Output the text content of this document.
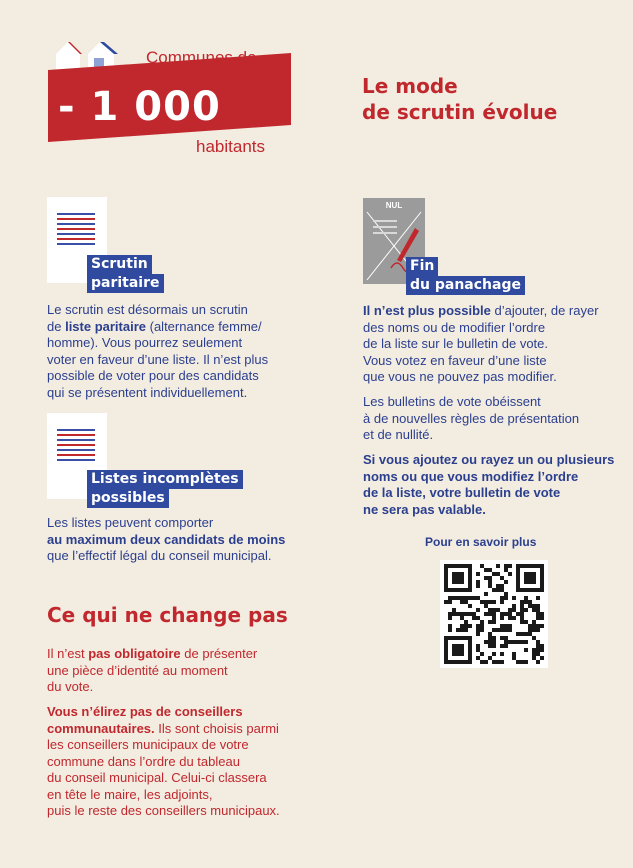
- 1 000
Communes de
habitants
Le mode
de scrutin évolue
Scrutin
paritaire
Le scrutin est désormais un scrutin
de liste paritaire (alternance femme/
homme). Vous pourrez seulement
voter en faveur d’une liste. Il n’est plus
possible de voter pour des candidats
qui se présentent individuellement.
Listes incomplètes
possibles
Les listes peuvent comporter
au maximum deux candidats de moins
que l’effectif légal du conseil municipal.
Ce qui ne change pas
Il n’est pas obligatoire de présenter
une pièce d’identité au moment
du vote.
Vous n’élirez pas de conseillers
communautaires. Ils sont choisis parmi
les conseillers municipaux de votre
commune dans l’ordre du tableau
du conseil municipal. Celui-ci classera
en tête le maire, les adjoints,
puis le reste des conseillers municipaux.
NUL
Fin
du panachage
Il n’est plus possible d’ajouter, de rayer
des noms ou de modifier l’ordre
de la liste sur le bulletin de vote.
Vous votez en faveur d’une liste
que vous ne pouvez pas modifier.
Les bulletins de vote obéissent
à de nouvelles règles de présentation
et de nullité.
Si vous ajoutez ou rayez un ou plusieurs
noms ou que vous modifiez l’ordre
de la liste, votre bulletin de vote
ne sera pas valable.
Pour en savoir plus
